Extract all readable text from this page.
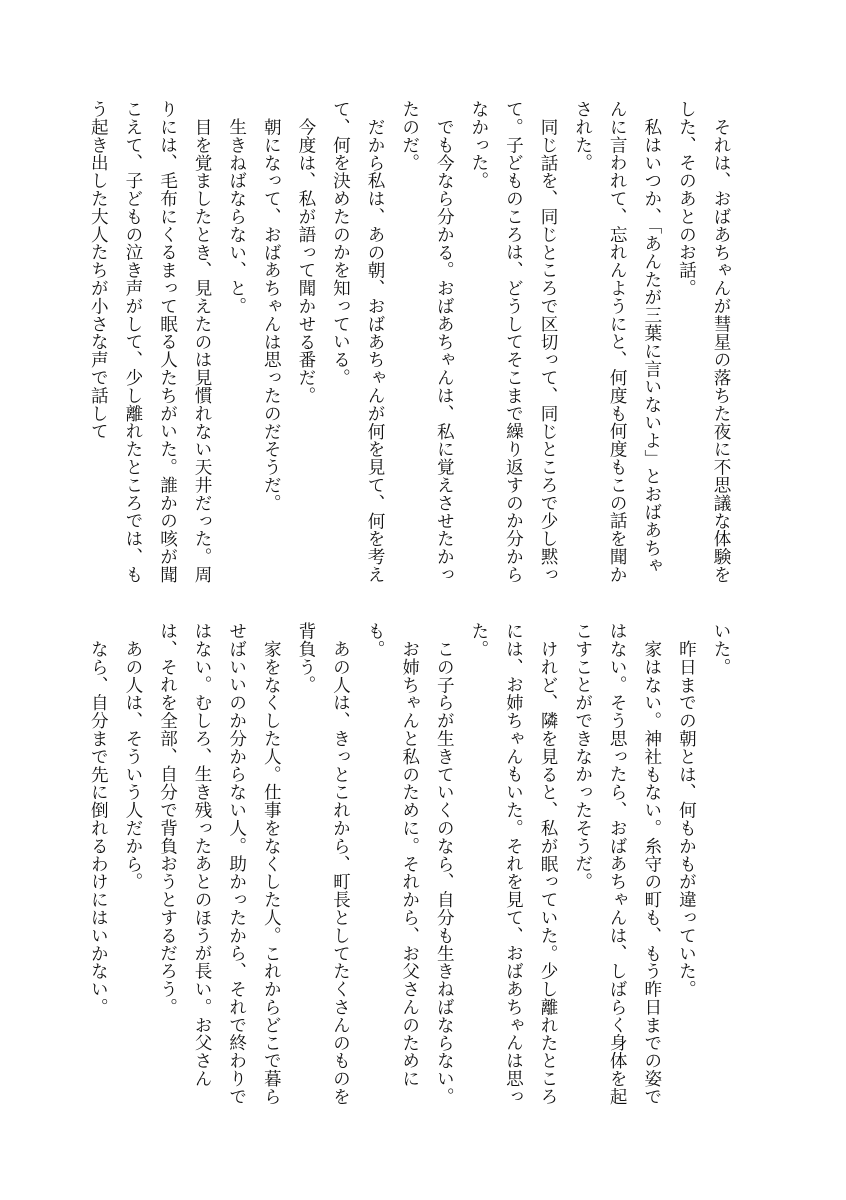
それは、おばあちゃんが彗星の落ちた夜に不思議な体験をした、そのあとのお話。

私はいつか、「あんたが三葉に言いないよ」とおばあちゃんに言われて、忘れんようにと、何度も何度もこの話を聞かされた。

同じ話を、同じところで区切って、同じところで少し黙って。子どものころは、どうしてそこまで繰り返すのか分からなかった。

でも今なら分かる。おばあちゃんは、私に覚えさせたかったのだ。

だから私は、あの朝、おばあちゃんが何を見て、何を考えて、何を決めたのかを知っている。

今度は、私が語って聞かせる番だ。

朝になって、おばあちゃんは思ったのだそうだ。

生きねばならない、と。

目を覚ましたとき、見えたのは見慣れない天井だった。周りには、毛布にくるまって眠る人たちがいた。誰かの咳が聞こえて、子どもの泣き声がして、少し離れたところでは、もう起き出した大人たちが小さな声で話して

いた。

昨日までの朝とは、何もかもが違っていた。

家はない。神社もない。糸守の町も、もう昨日までの姿ではない。そう思ったら、おばあちゃんは、しばらく身体を起こすことができなかったそうだ。

けれど、隣を見ると、私が眠っていた。少し離れたところには、お姉ちゃんもいた。それを見て、おばあちゃんは思った。

この子らが生きていくのなら、自分も生きねばならない。

お姉ちゃんと私のために。それから、お父さんのためにも。

あの人は、きっとこれから、町長としてたくさんのものを背負う。

家をなくした人。仕事をなくした人。これからどこで暮らせばいいのか分からない人。助かったから、それで終わりではない。むしろ、生き残ったあとのほうが長い。お父さんは、それを全部、自分で背負おうとするだろう。

あの人は、そういう人だから。

なら、自分まで先に倒れるわけにはいかない。
